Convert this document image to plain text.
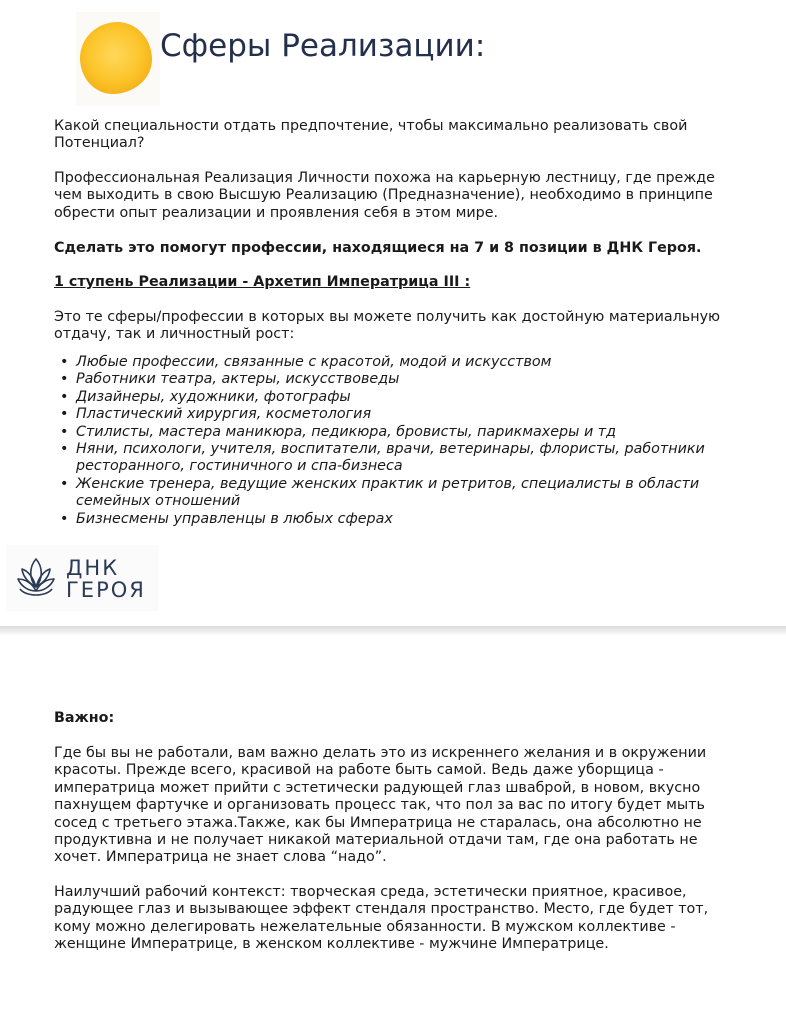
Сферы Реализации:

Какой специальности отдать предпочтение, чтобы максимально реализовать свой Потенциал?

Профессиональная Реализация Личности похожа на карьерную лестницу, где прежде чем выходить в свою Высшую Реализацию (Предназначение), необходимо в принципе обрести опыт реализации и проявления себя в этом мире.

Сделать это помогут профессии, находящиеся на 7 и 8 позиции в ДНК Героя.

1 ступень Реализации - Архетип Императрица III :

Это те сферы/профессии в которых вы можете получить как достойную материальную отдачу, так и личностный рост:

• Любые профессии, связанные с красотой, модой и искусством
• Работники театра, актеры, искусствоведы
• Дизайнеры, художники, фотографы
• Пластический хирургия, косметология
• Стилисты, мастера маникюра, педикюра, бровисты, парикмахеры и тд
• Няни, психологи, учителя, воспитатели, врачи, ветеринары, флористы, работники ресторанного, гостиничного и спа-бизнеса
• Женские тренера, ведущие женских практик и ретритов, специалисты в области семейных отношений
• Бизнесмены управленцы в любых сферах
ДНК
ГЕРОЯ

Важно:

Где бы вы не работали, вам важно делать это из искреннего желания и в окружении красоты. Прежде всего, красивой на работе быть самой. Ведь даже уборщица - императрица может прийти с эстетически радующей глаз шваброй, в новом, вкусно пахнущем фартучке и организовать процесс так, что пол за вас по итогу будет мыть сосед с третьего этажа.Также, как бы Императрица не старалась, она абсолютно не продуктивна и не получает никакой материальной отдачи там, где она работать не хочет. Императрица не знает слова “надо”.

Наилучший рабочий контекст: творческая среда, эстетически приятное, красивое, радующее глаз и вызывающее эффект стендаля пространство. Место, где будет тот, кому можно делегировать нежелательные обязанности. В мужском коллективе - женщине Императрице, в женском коллективе - мужчине Императрице.
